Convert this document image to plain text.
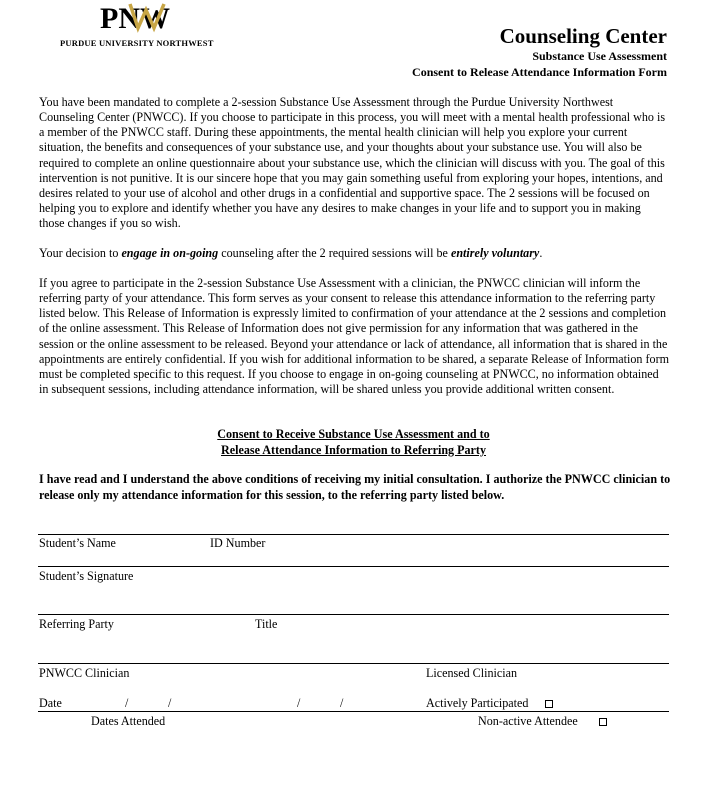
PNW
PURDUE UNIVERSITY NORTHWEST	Counseling Center
Substance Use Assessment
Consent to Release Attendance Information Form

You have been mandated to complete a 2-session Substance Use Assessment through the Purdue University Northwest Counseling Center (PNWCC). If you choose to participate in this process, you will meet with a mental health professional who is a member of the PNWCC staff. During these appointments, the mental health clinician will help you explore your current situation, the benefits and consequences of your substance use, and your thoughts about your substance use. You will also be required to complete an online questionnaire about your substance use, which the clinician will discuss with you. The goal of this intervention is not punitive. It is our sincere hope that you may gain something useful from exploring your hopes, intentions, and desires related to your use of alcohol and other drugs in a confidential and supportive space. The 2 sessions will be focused on helping you to explore and identify whether you have any desires to make changes in your life and to support you in making those changes if you so wish.

Your decision to engage in on-going counseling after the 2 required sessions will be entirely voluntary.

If you agree to participate in the 2-session Substance Use Assessment with a clinician, the PNWCC clinician will inform the referring party of your attendance. This form serves as your consent to release this attendance information to the referring party listed below. This Release of Information is expressly limited to confirmation of your attendance at the 2 sessions and completion of the online assessment. This Release of Information does not give permission for any information that was gathered in the session or the online assessment to be released. Beyond your attendance or lack of attendance, all information that is shared in the appointments are entirely confidential. If you wish for additional information to be shared, a separate Release of Information form must be completed specific to this request. If you choose to engage in on-going counseling at PNWCC, no information obtained in subsequent sessions, including attendance information, will be shared unless you provide additional written consent.

Consent to Receive Substance Use Assessment and to
Release Attendance Information to Referring Party
I have read and I understand the above conditions of receiving my initial consultation. I authorize the PNWCC clinician to release only my attendance information for this session, to the referring party listed below.
Student’s Name	ID Number
Student’s Signature
Referring Party	Title
PNWCC Clinician	Licensed Clinician
Date	/	/	/	/	Actively Participated
Dates Attended	Non-active Attendee
